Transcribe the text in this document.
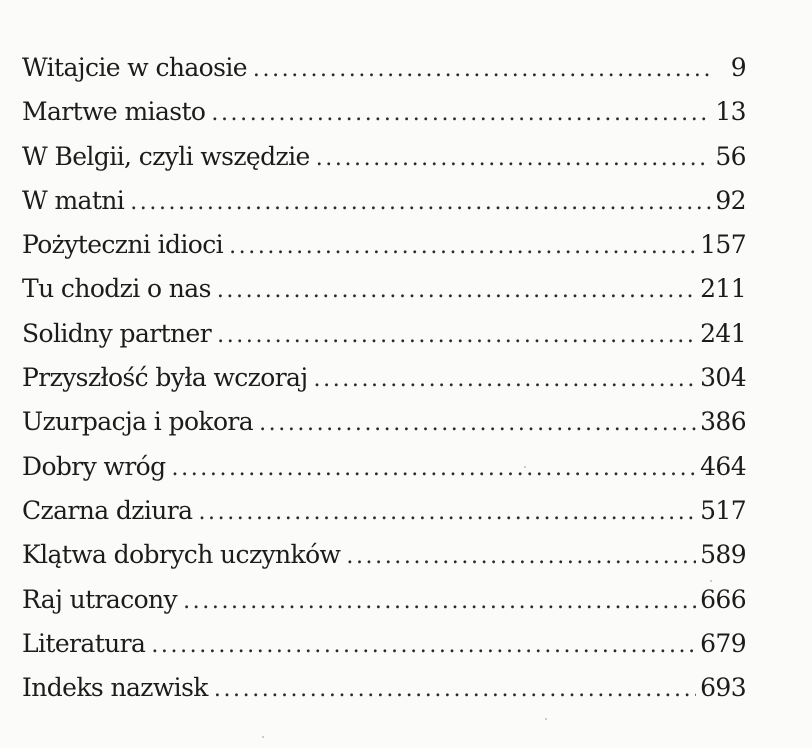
Witajcie w chaosie . . .	9
Martwe miasto . . .	13
W Belgii, czyli wszędzie . . .	56
W matni . . .	92
Pożyteczni idioci . . .	157
Tu chodzi o nas . . .	211
Solidny partner . . .	241
Przyszłość była wczoraj . . .	304
Uzurpacja i pokora . . .	386
Dobry wróg . . .	464
Czarna dziura . . .	517
Klątwa dobrych uczynków . . .	589
Raj utracony . . .	666
Literatura . . .	679
Indeks nazwisk . . .	693
